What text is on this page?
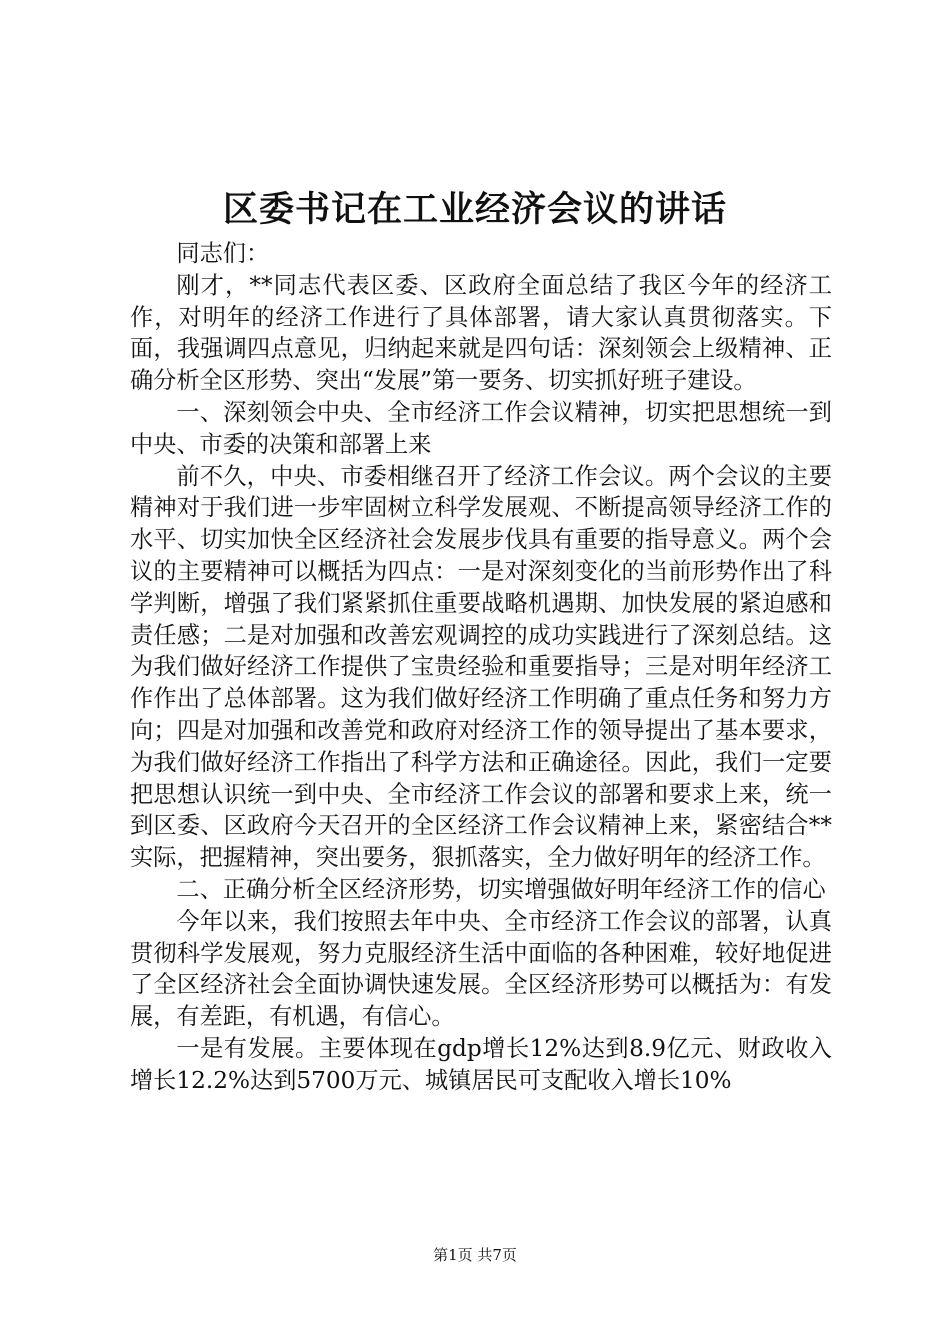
区委书记在工业经济会议的讲话

同志们：

刚才，**同志代表区委、区政府全面总结了我区今年的经济工作，对明年的经济工作进行了具体部署，请大家认真贯彻落实。下面，我强调四点意见，归纳起来就是四句话：深刻领会上级精神、正确分析全区形势、突出“发展”第一要务、切实抓好班子建设。

一、深刻领会中央、全市经济工作会议精神，切实把思想统一到中央、市委的决策和部署上来

前不久，中央、市委相继召开了经济工作会议。两个会议的主要精神对于我们进一步牢固树立科学发展观、不断提高领导经济工作的水平、切实加快全区经济社会发展步伐具有重要的指导意义。两个会议的主要精神可以概括为四点：一是对深刻变化的当前形势作出了科学判断，增强了我们紧紧抓住重要战略机遇期、加快发展的紧迫感和责任感；二是对加强和改善宏观调控的成功实践进行了深刻总结。这为我们做好经济工作提供了宝贵经验和重要指导；三是对明年经济工作作出了总体部署。这为我们做好经济工作明确了重点任务和努力方向；四是对加强和改善党和政府对经济工作的领导提出了基本要求，为我们做好经济工作指出了科学方法和正确途径。因此，我们一定要把思想认识统一到中央、全市经济工作会议的部署和要求上来，统一到区委、区政府今天召开的全区经济工作会议精神上来，紧密结合**实际，把握精神，突出要务，狠抓落实，全力做好明年的经济工作。

二、正确分析全区经济形势，切实增强做好明年经济工作的信心

今年以来，我们按照去年中央、全市经济工作会议的部署，认真贯彻科学发展观，努力克服经济生活中面临的各种困难，较好地促进了全区经济社会全面协调快速发展。全区经济形势可以概括为：有发展，有差距，有机遇，有信心。

一是有发展。主要体现在gdp增长12%达到8.9亿元、财政收入增长12.2%达到5700万元、城镇居民可支配收入增长10%

第1页 共7页
